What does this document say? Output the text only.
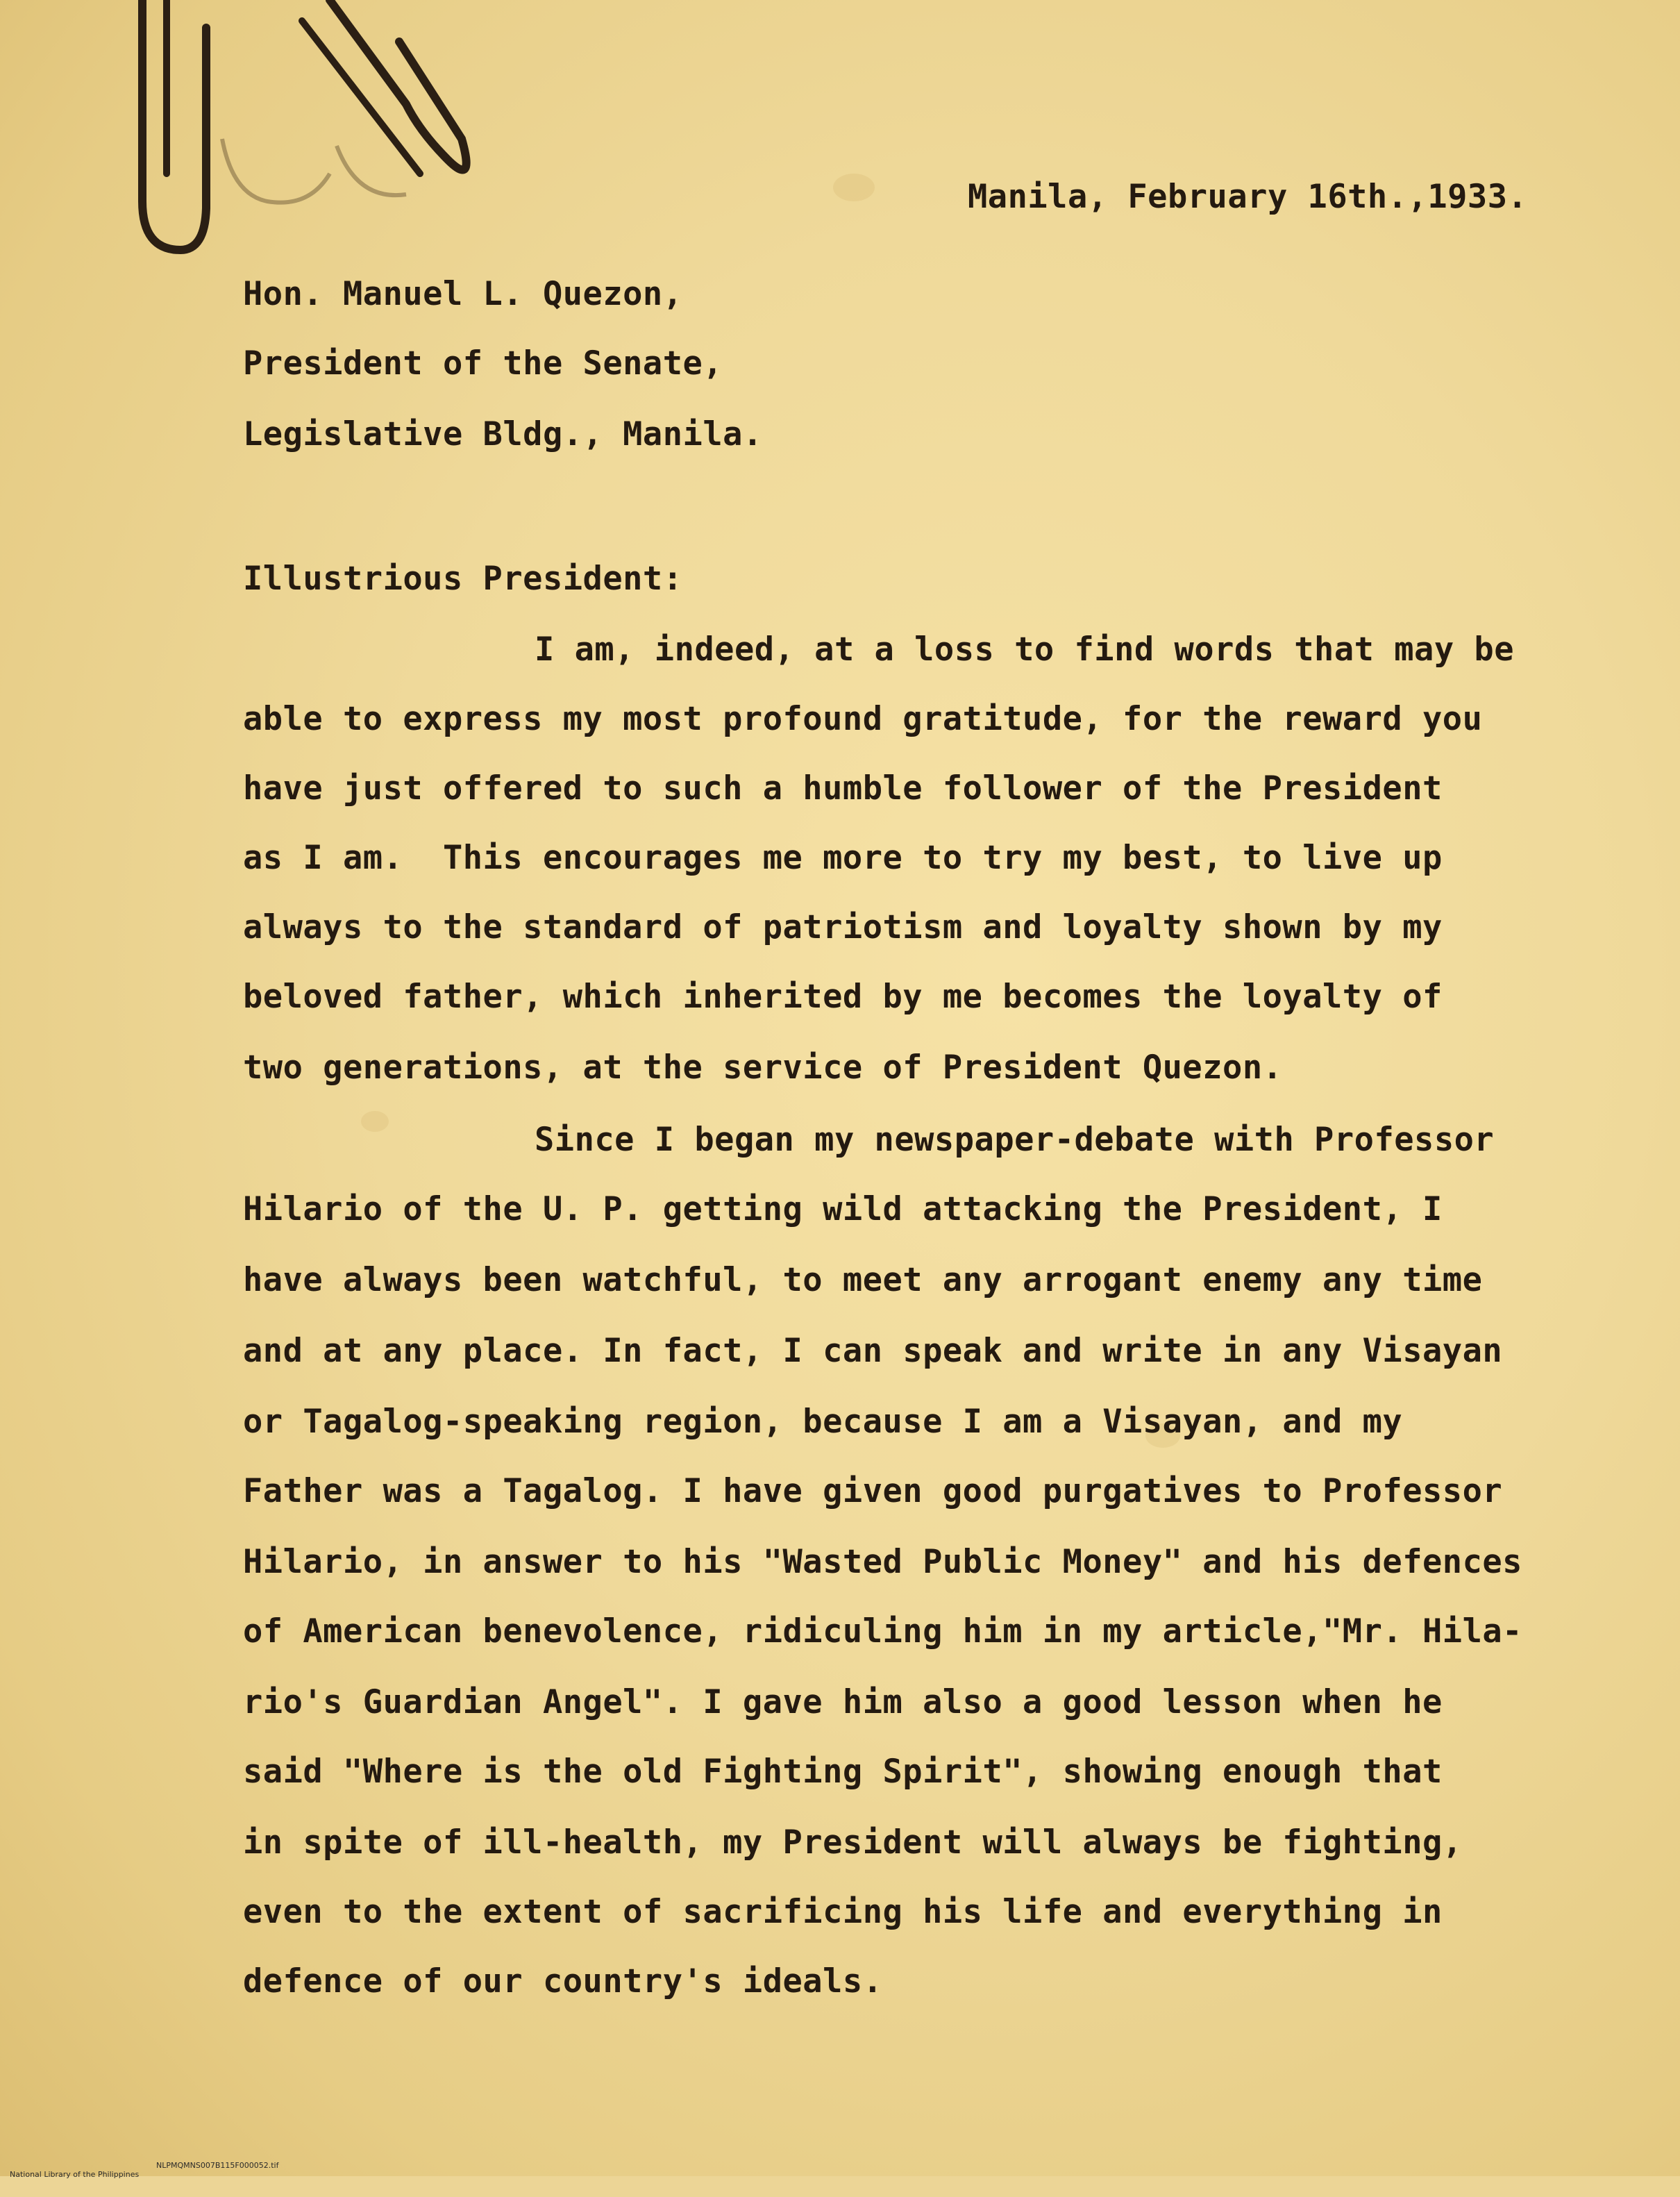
Manila, February 16th.,1933.
Hon. Manuel L. Quezon,
President of the Senate,
Legislative Bldg., Manila.
Illustrious President:
I am, indeed, at a loss to find words that may be
able to express my most profound gratitude, for the reward you
have just offered to such a humble follower of the President
as I am.  This encourages me more to try my best, to live up
always to the standard of patriotism and loyalty shown by my
beloved father, which inherited by me becomes the loyalty of
two generations, at the service of President Quezon.
Since I began my newspaper-debate with Professor
Hilario of the U. P. getting wild attacking the President, I
have always been watchful, to meet any arrogant enemy any time
and at any place. In fact, I can speak and write in any Visayan
or Tagalog-speaking region, because I am a Visayan, and my
Father was a Tagalog. I have given good purgatives to Professor
Hilario, in answer to his "Wasted Public Money" and his defences
of American benevolence, ridiculing him in my article,"Mr. Hila-
rio's Guardian Angel". I gave him also a good lesson when he
said "Where is the old Fighting Spirit", showing enough that
in spite of ill-health, my President will always be fighting,
even to the extent of sacrificing his life and everything in
defence of our country's ideals.

National Library of the Philippines

NLPMQMNS007B115F000052.tif
